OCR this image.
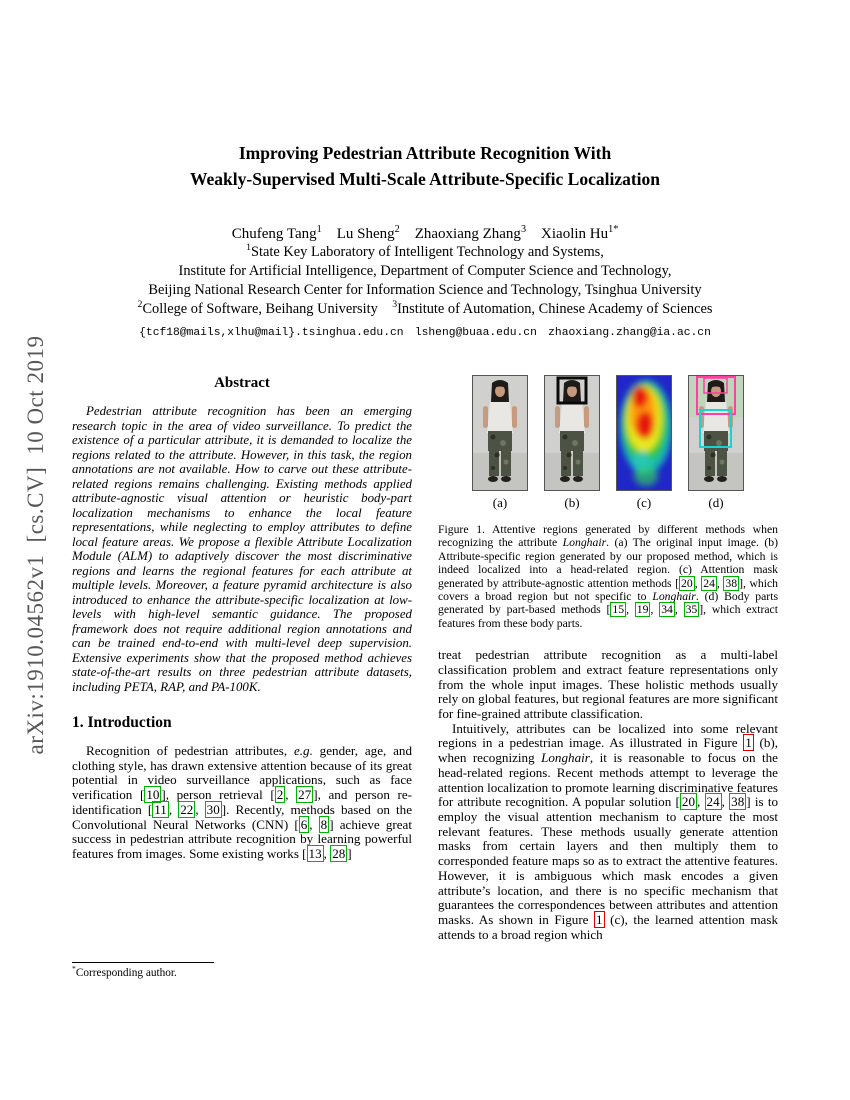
arXiv:1910.04562v1 [cs.CV] 10 Oct 2019
Improving Pedestrian Attribute Recognition With
Weakly-Supervised Multi-Scale Attribute-Specific Localization
Chufeng Tang$^1$  Lu Sheng$^2$  Zhaoxiang Zhang$^3$  Xiaolin $Hu^{1*}$
$^1$State Key Laboratory of Intelligent Technology and Systems,
Institute for Artificial Intelligence, Department of Computer Science and Technology,
Beijing National Research Center for Information Science and Technology, Tsinghua University
$^2$College of Software, Beihang University  $^3$Institute of Automation, Chinese Academy of Sciences
{tcf18@mails,xlhu@mail}.tsinghua.edu.cn  lsheng@buaa.edu.cn  zhaoxiang.zhang@ia.ac.cn
Abstract

Pedestrian attribute recognition has been an emerging research topic in the area of video surveillance. To predict the existence of a particular attribute, it is demanded to localize the regions related to the attribute. However, in this task, the region annotations are not available. How to carve out these attribute-related regions remains challenging. Existing methods applied attribute-agnostic visual attention or heuristic body-part localization mechanisms to enhance the local feature representations, while neglecting to employ attributes to define local feature areas. We propose a flexible Attribute Localization Module (ALM) to adaptively discover the most discriminative regions and learns the regional features for each attribute at multiple levels. Moreover, a feature pyramid architecture is also introduced to enhance the attribute-specific localization at low-levels with high-level semantic guidance. The proposed framework does not require additional region annotations and can be trained end-to-end with multi-level deep supervision. Extensive experiments show that the proposed method achieves state-of-the-art results on three pedestrian attribute datasets, including PETA, RAP, and PA-100K.

1. Introduction

Recognition of pedestrian attributes, e.g. gender, age, and clothing style, has drawn extensive attention because of its great potential in video surveillance applications, such as face verification [ 10 ], person retrieval [ 2 , 27 ], and person re-identification [ 11 , 22 , 30 ]. Recently, methods based on the Convolutional Neural Networks (CNN) [ 6 , 8 ] achieve great success in pedestrian attribute recognition by learning powerful features from images. Some existing works [ 13 , 28 ]

*Corresponding author.
(a)	(b)	(c)	(d)
Figure 1. Attentive regions generated by different methods when recognizing the attribute Longhair. (a) The original input image. (b) Attribute-specific region generated by our proposed method, which is indeed localized into a head-related region. (c) Attention mask generated by attribute-agnostic attention methods [ 20 , 24 , 38 ], which covers a broad region but not specific to Longhair. (d) Body parts generated by part-based methods [ 15 , 19 , 34 , 35 ], which extract features from these body parts.

treat pedestrian attribute recognition as a multi-label classification problem and extract feature representations only from the whole input images. These holistic methods usually rely on global features, but regional features are more significant for fine-grained attribute classification.

Intuitively, attributes can be localized into some relevant regions in a pedestrian image. As illustrated in Figure 1 (b), when recognizing Longhair, it is reasonable to focus on the head-related regions. Recent methods attempt to leverage the attention localization to promote learning discriminative features for attribute recognition. A popular solution [ 20 , 24 , 38 ] is to employ the visual attention mechanism to capture the most relevant features. These methods usually generate attention masks from certain layers and then multiply them to corresponded feature maps so as to extract the attentive features. However, it is ambiguous which mask encodes a given attribute’s location, and there is no specific mechanism that guarantees the correspondences between attributes and attention masks. As shown in Figure 1 (c), the learned attention mask attends to a broad region which
